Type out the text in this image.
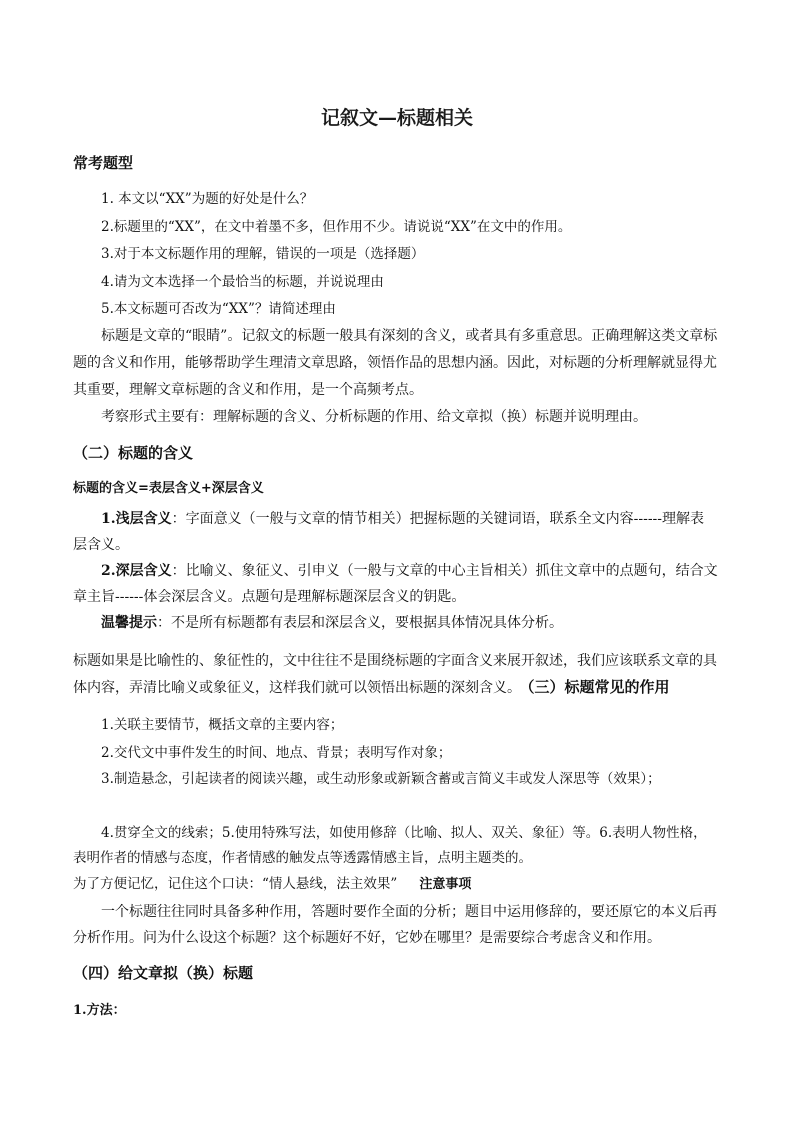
记叙文—标题相关
常考题型
1. 本文以“XX”为题的好处是什么？
2.标题里的“XX”，在文中着墨不多，但作用不少。请说说“XX”在文中的作用。
3.对于本文标题作用的理解，错误的一项是（选择题）
4.请为文本选择一个最恰当的标题，并说说理由
5.本文标题可否改为“XX”？请简述理由
标题是文章的“眼睛”。记叙文的标题一般具有深刻的含义，或者具有多重意思。正确理解这类文章标
题的含义和作用，能够帮助学生理清文章思路，领悟作品的思想内涵。因此，对标题的分析理解就显得尤
其重要，理解文章标题的含义和作用，是一个高频考点。
考察形式主要有：理解标题的含义、分析标题的作用、给文章拟（换）标题并说明理由。
（二）标题的含义
标题的含义=表层含义+深层含义
1.浅层含义：字面意义（一般与文章的情节相关）把握标题的关键词语，联系全文内容------理解表
层含义。
2.深层含义：比喻义、象征义、引申义（一般与文章的中心主旨相关）抓住文章中的点题句，结合文
章主旨------体会深层含义。点题句是理解标题深层含义的钥匙。
温馨提示：不是所有标题都有表层和深层含义，要根据具体情况具体分析。
标题如果是比喻性的、象征性的，文中往往不是围绕标题的字面含义来展开叙述，我们应该联系文章的具
体内容，弄清比喻义或象征义，这样我们就可以领悟出标题的深刻含义。 （三）标题常见的作用
1.关联主要情节，概括文章的主要内容；
2.交代文中事件发生的时间、地点、背景；表明写作对象；
3.制造悬念，引起读者的阅读兴趣，或生动形象或新颖含蓄或言简义丰或发人深思等（效果）；
4.贯穿全文的线索；5.使用特殊写法，如使用修辞（比喻、拟人、双关、象征）等。6.表明人物性格，
表明作者的情感与态度，作者情感的触发点等透露情感主旨，点明主题类的。
为了方便记忆，记住这个口诀：“情人悬线，法主效果” 注意事项
一个标题往往同时具备多种作用，答题时要作全面的分析；题目中运用修辞的，要还原它的本义后再
分析作用。问为什么设这个标题？这个标题好不好，它妙在哪里？是需要综合考虑含义和作用。
（四）给文章拟（换）标题
1.方法：
